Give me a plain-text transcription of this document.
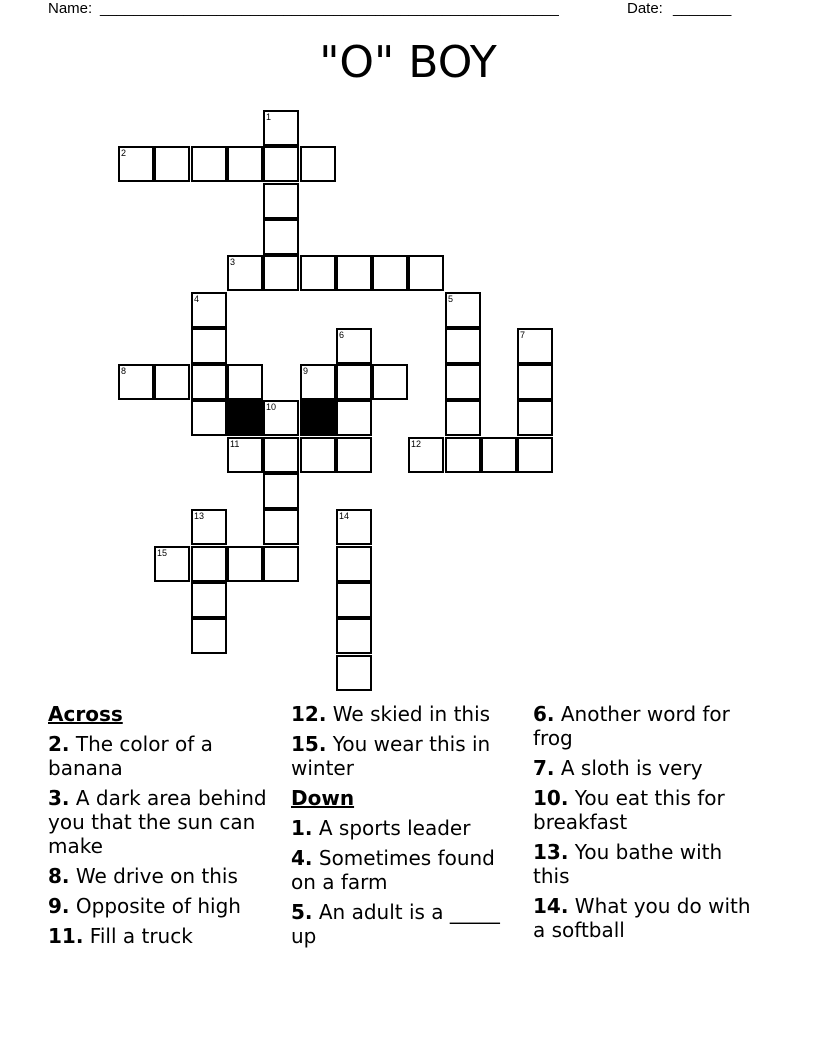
Name: _______________________________________________________	Date: _______
"O" BOY
1
2
3
4	5
6	7
8	9
10
11	12
13	14
15
Across
2. The color of a banana
3. A dark area behind you that the sun can make
8. We drive on this
9. Opposite of high
11. Fill a truck
12. We skied in this
15. You wear this in winter
Down
1. A sports leader
4. Sometimes found on a farm
5. An adult is a _____ up
6. Another word for frog
7. A sloth is very
10. You eat this for breakfast
13. You bathe with this
14. What you do with a softball
